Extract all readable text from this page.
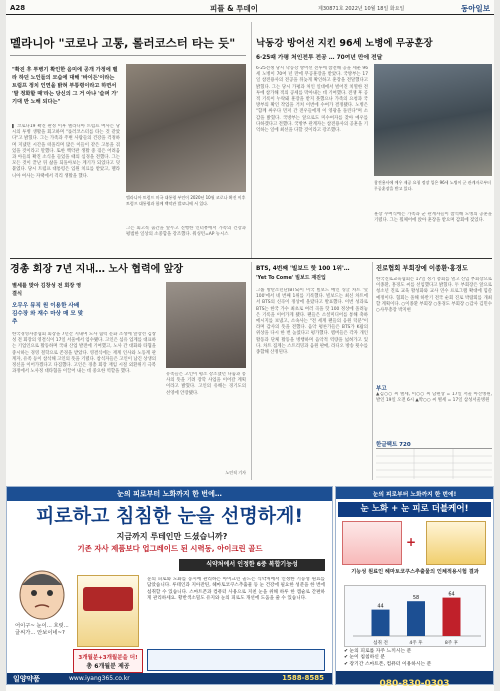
A28	피플 & 투데이	제30871호 2022년 10월 18일 화요일	동아일보
멜라니아 "코로나 고통, 롤러코스터 타는 듯"
"확진 후 투병기 확인한 음미에 공개 가정에 벨라 하던 노인들의 모습에 대해 '바이든'이라는 트럼프 정치 인연을 밝혀 부통령이라고 하면서 '말 정화할 때'라는 당신의 그 거 아냐 '슬퍼 가' 기대 반 노해 되다는"
▌ 코로나19 확진 판정 이후 멜라니아 트럼프 여사는 당시의 투병 생활을 회고하며 "롤러코스터를 타는 것 같았다"고 밝혔다. 그는 가족과 주변 사람들의 건강을 걱정하며 지냈던 시간을 떠올리며 많은 이들이 같은 고통을 겪었을 것이라고 말했다. 또한 백악관 생활 중 겪은 어려움과 아들의 확진 소식을 들었을 때의 심경을 전했다. 그는 모든 것이 끝난 뒤 삶을 되돌아보는 계기가 되었다고 덧붙였다. 당시 트럼프 대통령은 입원 치료를 받았고, 멜라니아 여사는 자택에서 격리 생활을 했다.
멜라니아 트럼프 미국 대통령 부인이 2020년 10월 코로나 확진 이후 트럼프 대통령과 함께 백악관 발코니에 서 있다.
그는 회고록 출간을 앞두고 진행한 인터뷰에서 가족의 건강과 평범한 일상의 소중함을 강조했다. 워싱턴=AP 뉴시스
낙동강 방어선 지킨 96세 노병에 무공훈장
6·25때 가평 처인전투 전공 … 70여년 만에 전달
6·25전쟁 당시 낙동강 방어선 전투에 참전해 공을 세운 96세 노병이 70여 년 만에 무공훈장을 받았다. 국방부는 17일 참전용사의 전공을 뒤늦게 확인하고 훈장을 전달했다고 밝혔다. 그는 당시 가평과 처인 일대에서 벌어진 치열한 전투에 참가해 적의 공세를 막아내는 데 기여했다. 전쟁 후 공적 기록이 누락돼 훈장을 받지 못했으나 가족의 요청과 국방부의 확인 작업을 거쳐 이번에 수여가 결정됐다. 노병은 "함께 싸우다 먼저 간 전우들에게 이 영광을 돌린다"며 소감을 밝혔다. 국방부는 앞으로도 미수여자를 찾아 예우를 다하겠다고 전했다. 국방부 관계자는 참전용사의 공훈을 기억하는 일에 최선을 다할 것이라고 강조했다.
참전용사에 예우 제공 요청 정장 입은 96세 노병이 군 관계자로부터 무공훈장을 받고 있다.
훈장 수여식에는 가족과 군 관계자들이 참석해 노병의 공훈을 기렸다. 그는 휠체어에 앉아 훈장을 받으며 감회에 젖었다.
경총 회장 7년 지내… 노사 협력에 앞장
별세를 맞아 김창성 전 회장 영결식
오무우 뮤직 원 이용한 사배 김수장 와 재수 마상 매 모 맞추
한국경영자총협회 회장을 7년간 지내며 노사 협력 문화 조성에 앞장선 김창성 전 회장의 영결식이 17일 서울에서 엄수됐다. 고인은 섬유 업계를 대표하는 기업인으로 활동하며 국내 산업 발전에 기여했고, 노사 간 대화와 타협을 중시하는 경영 철학으로 존경을 받았다. 영결식에는 재계 인사와 노동계 관계자, 유족 등이 참석해 고인의 뜻을 기렸다. 참석자들은 고인이 남긴 상생의 정신을 이어가겠다고 다짐했다. 고인은 경총 회장 재임 시절 외환위기 극복 과정에서 노사정 대타협을 이끌어 내는 데 중요한 역할을 했다.
유족들은 고인이 평소 강조했던 나눔과 봉사의 뜻을 기려 장학 사업을 이어갈 계획이라고 밝혔다. 고인의 유해는 경기도의 선영에 안장됐다.
노인직 기자
BTS, 4번째 '빌보드 핫 100 1위'…
'Yet To Come' 빌보드 재진입
그룹 방탄소년단(BTS)이 미국 빌보드 메인 싱글 차트 '핫 100'에서 네 번째 1위를 기록했다. 빌보드는 최신 차트에서 BTS의 신곡이 정상에 올랐다고 발표했다. 이번 성과로 BTS는 한국 가수 최초로 여러 곡을 핫 100 정상에 올려놓은 기록을 이어가게 됐다. 팬들은 소셜미디어를 통해 축하 메시지를 보냈고, 소속사는 "전 세계 팬들의 응원 덕분"이라며 감사의 뜻을 전했다. 음악 평론가들은 BTS가 K팝의 위상을 다시 한 번 높였다고 평가했다. 멤버들은 각자 개인 활동과 단체 활동을 병행하며 음악적 역량을 넓혀가고 있다. 차트 집계는 스트리밍과 음원 판매, 라디오 방송 횟수를 종합해 산정된다.
진로협회 부회장에 이종환·홍경도
한국진로교육협회는 17일 정기 총회를 열고 신임 부회장으로 이종환, 홍경도 씨를 선임했다고 밝혔다. 두 부회장은 앞으로 청소년 진로 교육 활성화와 교사 연수 프로그램 확대에 힘쓸 예정이다. 협회는 올해 하반기 전국 순회 진로 박람회를 개최할 계획이다. ○이종환 부회장 ○홍경도 부회장 ○감사 김민수 ○사무총장 박지현
부고
▲김○○ 씨 별세, 이○○ 씨 남편상 = 17일 서울 아산병원, 발인 19일 오전 6시 ▲박○○ 씨 별세 = 17일 삼성서울병원
한글팩트 720
눈의 피로부터 노화까지 한 번에…
피로하고 침침한 눈을 선명하게!
지금까지 루테인만 드셨습니까?
기존 자사 제품보다 업그레이드 된 시력동, 아이크린 골드
어이구~ 눈이... 흐릿... 글씨가... 안보이네~?
3개월분+3개월분을 더!
총 6개월분 제공
식약처에서 인정한 6중 복합기능성
눈의 피로와 노화를 동시에 관리하는 아이크린 골드는 식약처에서 인정한 기능성 원료를 담았습니다. 루테인과 지아잔틴, 헤마토코쿠스추출물 등 눈 건강에 필요한 성분을 한 번에 섭취할 수 있습니다. 스마트폰과 컴퓨터 사용으로 지친 눈을 위해 하루 한 캡슐로 간편하게 관리하세요. 황반색소밀도 유지와 눈의 피로도 개선에 도움을 줄 수 있습니다.
일양약품	www.iyang365.co.kr	1588-8585
눈의 피로부터 노화까지 한 번에!
눈 노화 + 눈 피로 더블케어!
+
기능성 원료인 헤마토코쿠스추출물의 인체적용시험 결과
44
섭취 전
58
4주 후
64
8주 후
✔ 눈의 피로를 자주 느끼시는 분
✔ 눈이 침침하신 분
✔ 장기간 스마트폰, 컴퓨터 이용하시는 분
080-830-0303
